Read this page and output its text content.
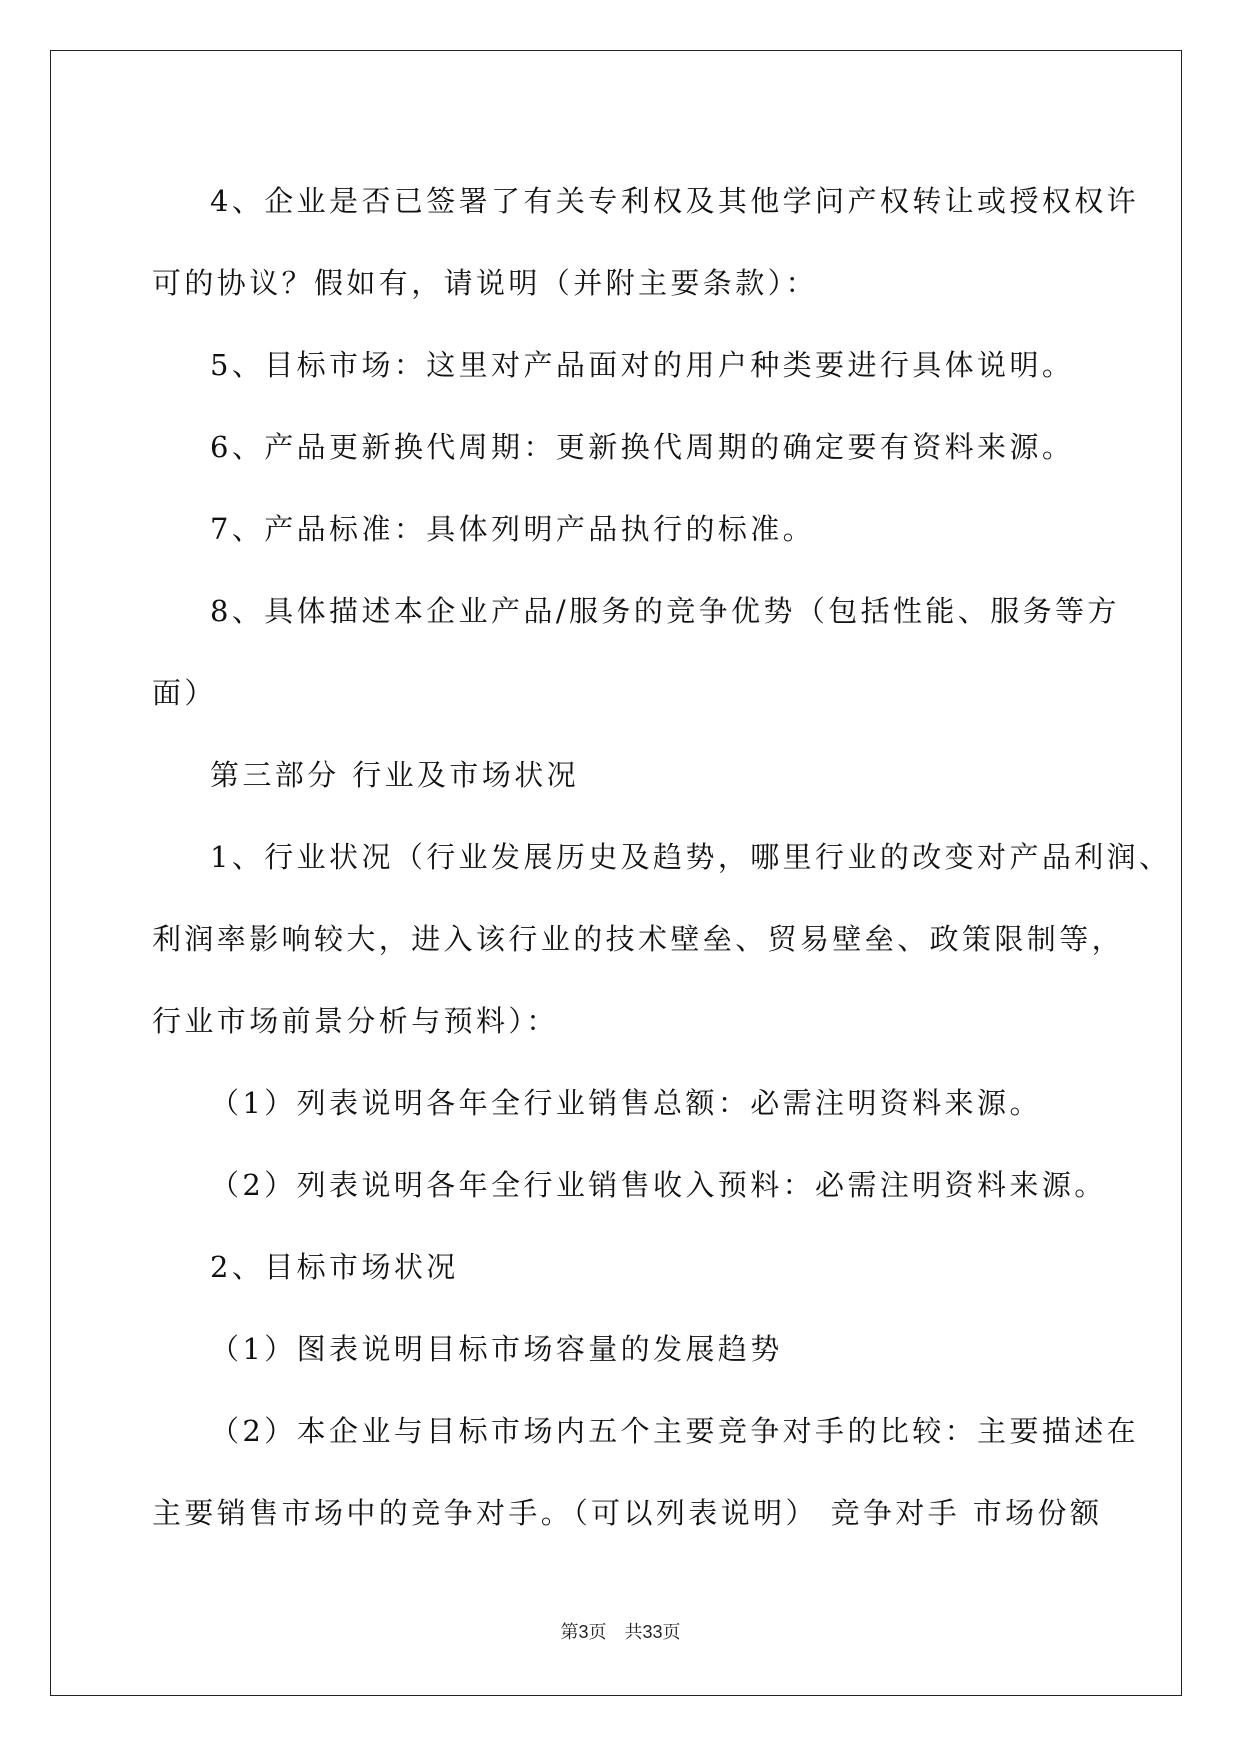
4、企业是否已签署了有关专利权及其他学问产权转让或授权权许

可的协议？假如有，请说明（并附主要条款）：

5、目标市场：这里对产品面对的用户种类要进行具体说明。

6、产品更新换代周期：更新换代周期的确定要有资料来源。

7、产品标准：具体列明产品执行的标准。

8、具体描述本企业产品/服务的竞争优势（包括性能、服务等方

面）

第三部分 行业及市场状况

1、行业状况（行业发展历史及趋势，哪里行业的改变对产品利润、

利润率影响较大，进入该行业的技术壁垒、贸易壁垒、政策限制等，

行业市场前景分析与预料）：

（1）列表说明各年全行业销售总额：必需注明资料来源。

（2）列表说明各年全行业销售收入预料：必需注明资料来源。

2、目标市场状况

（1）图表说明目标市场容量的发展趋势

（2）本企业与目标市场内五个主要竞争对手的比较：主要描述在

主要销售市场中的竞争对手。（可以列表说明） 竞争对手 市场份额

第3页　共33页
